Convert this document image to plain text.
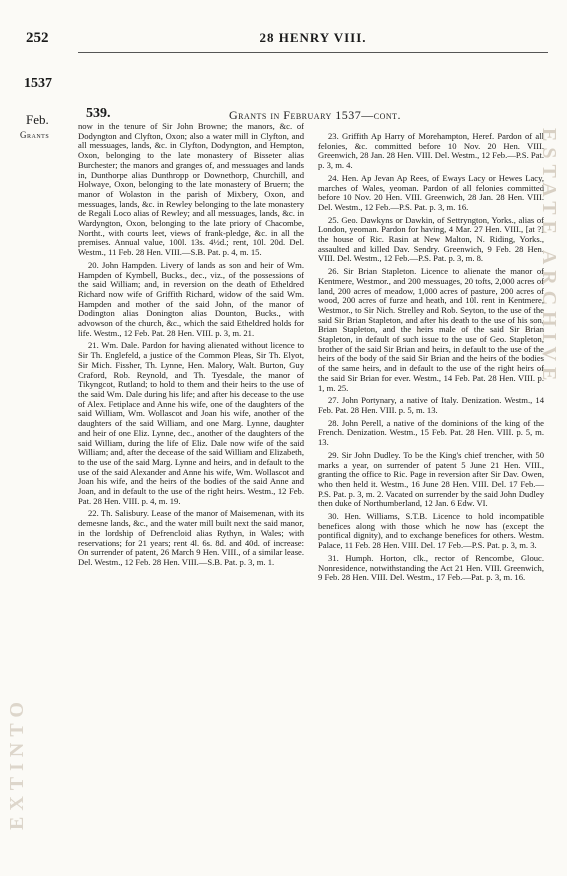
252	28 HENRY VIII.
1537
Feb.
Grants
539.	Grants in February 1537—cont.

now in the tenure of Sir John Browne; the manors, &c. of Dodyngton and Clyfton, Oxon; also a water mill in Clyfton, and all messuages, lands, &c. in Clyfton, Dodyngton, and Hempton, Oxon, belonging to the late monastery of Bisseter alias Burchester; the manors and granges of, and messuages and lands in, Dunthorpe alias Dunthropp or Downethorp, Churchill, and Holwaye, Oxon, belonging to the late monastery of Bruern; the manor of Wolaston in the parish of Mixbery, Oxon, and messuages, lands, &c. in Rewley belonging to the late monastery de Regali Loco alias of Rewley; and all messuages, lands, &c. in Wardyngton, Oxon, belonging to the late priory of Chacombe, Northt., with courts leet, views of frank-pledge, &c. in all the premises. Annual value, 100l. 13s. 4½d.; rent, 10l. 20d. Del. Westm., 11 Feb. 28 Hen. VIII.—S.B. Pat. p. 4, m. 15.

20. John Hampden. Livery of lands as son and heir of Wm. Hampden of Kymbell, Bucks., dec., viz., of the possessions of the said William; and, in reversion on the death of Etheldred Richard now wife of Griffith Richard, widow of the said Wm. Hampden and mother of the said John, of the manor of Dodington alias Donington alias Dounton, Bucks., with advowson of the church, &c., which the said Etheldred holds for life. Westm., 12 Feb. Pat. 28 Hen. VIII. p. 3, m. 21.

21. Wm. Dale. Pardon for having alienated without licence to Sir Th. Englefeld, a justice of the Common Pleas, Sir Th. Elyot, Sir Mich. Fissher, Th. Lynne, Hen. Malory, Walt. Burton, Guy Craford, Rob. Reynold, and Th. Tyesdale, the manor of Tikyngcot, Rutland; to hold to them and their heirs to the use of the said Wm. Dale during his life; and after his decease to the use of Alex. Fetiplace and Anne his wife, one of the daughters of the said William, Wm. Wollascot and Joan his wife, another of the daughters of the said William, and one Marg. Lynne, daughter and heir of one Eliz. Lynne, dec., another of the daughters of the said William, during the life of Eliz. Dale now wife of the said William; and, after the decease of the said William and Elizabeth, to the use of the said Marg. Lynne and heirs, and in default to the use of the said Alexander and Anne his wife, Wm. Wollascot and Joan his wife, and the heirs of the bodies of the said Anne and Joan, and in default to the use of the right heirs. Westm., 12 Feb. Pat. 28 Hen. VIII. p. 4, m. 19.

22. Th. Salisbury. Lease of the manor of Maisemenan, with its demesne lands, &c., and the water mill built next the said manor, in the lordship of Defrencloid alias Rythyn, in Wales; with reservations; for 21 years; rent 4l. 6s. 8d. and 40d. of increase: On surrender of patent, 26 March 9 Hen. VIII., of a similar lease. Del. Westm., 12 Feb. 28 Hen. VIII.—S.B. Pat. p. 3, m. 1.

23. Griffith Ap Harry of Morehampton, Heref. Pardon of all felonies, &c. committed before 10 Nov. 20 Hen. VIII. Greenwich, 28 Jan. 28 Hen. VIII. Del. Westm., 12 Feb.—P.S. Pat. p. 3, m. 4.

24. Hen. Ap Jevan Ap Rees, of Eways Lacy or Hewes Lacy, marches of Wales, yeoman. Pardon of all felonies committed before 10 Nov. 20 Hen. VIII. Greenwich, 28 Jan. 28 Hen. VIII. Del. Westm., 12 Feb.—P.S. Pat. p. 3, m. 16.

25. Geo. Dawkyns or Dawkin, of Settryngton, Yorks., alias of London, yeoman. Pardon for having, 4 Mar. 27 Hen. VIII., [at ?] the house of Ric. Rasin at New Malton, N. Riding, Yorks., assaulted and killed Dav. Sendry. Greenwich, 9 Feb. 28 Hen. VIII. Del. Westm., 12 Feb.—P.S. Pat. p. 3, m. 8.

26. Sir Brian Stapleton. Licence to alienate the manor of Kentmere, Westmor., and 200 messuages, 20 tofts, 2,000 acres of land, 200 acres of meadow, 1,000 acres of pasture, 200 acres of wood, 200 acres of furze and heath, and 10l. rent in Kentmere, Westmor., to Sir Nich. Strelley and Rob. Seyton, to the use of the said Sir Brian Stapleton, and after his death to the use of his son, Brian Stapleton, and the heirs male of the said Sir Brian Stapleton, in default of such issue to the use of Geo. Stapleton, brother of the said Sir Brian and heirs, in default to the use of the heirs of the body of the said Sir Brian and the heirs of the bodies of the same heirs, and in default to the use of the right heirs of the said Sir Brian for ever. Westm., 14 Feb. Pat. 28 Hen. VIII. p. 1, m. 25.

27. John Portynary, a native of Italy. Denization. Westm., 14 Feb. Pat. 28 Hen. VIII. p. 5, m. 13.

28. John Perell, a native of the dominions of the king of the French. Denization. Westm., 15 Feb. Pat. 28 Hen. VIII. p. 5, m. 13.

29. Sir John Dudley. To be the King's chief trencher, with 50 marks a year, on surrender of patent 5 June 21 Hen. VIII., granting the office to Ric. Page in reversion after Sir Dav. Owen, who then held it. Westm., 16 June 28 Hen. VIII. Del. 17 Feb.—P.S. Pat. p. 3, m. 2. Vacated on surrender by the said John Dudley then duke of Northumberland, 12 Jan. 6 Edw. VI.

30. Hen. Williams, S.T.B. Licence to hold incompatible benefices along with those which he now has (except the pontifical dignity), and to exchange benefices for others. Westm. Palace, 11 Feb. 28 Hen. VIII. Del. 17 Feb.—P.S. Pat. p. 3, m. 3.

31. Humph. Horton, clk., rector of Rencombe, Glouc. Nonresidence, notwithstanding the Act 21 Hen. VIII. Greenwich, 9 Feb. 28 Hen. VIII. Del. Westm., 17 Feb.—Pat. p. 3, m. 16.

ESTATE ARCHIVE
EXTINTO
